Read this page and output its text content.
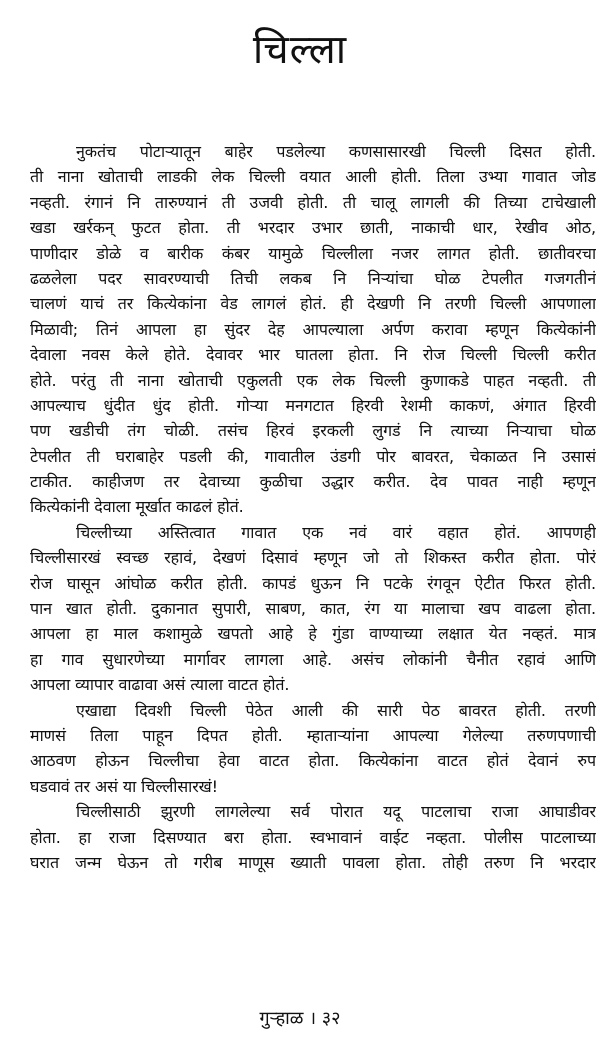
चिल्ला
नुकतंच पोटाऱ्यातून बाहेर पडलेल्या कणसासारखी चिल्ली दिसत होती.
ती नाना खोताची लाडकी लेक चिल्ली वयात आली होती. तिला उभ्या गावात जोड
नव्हती. रंगानं नि तारुण्यानं ती उजवी होती. ती चालू लागली की तिच्या टाचेखाली
खडा खर्रकन् फुटत होता. ती भरदार उभार छाती, नाकाची धार, रेखीव ओठ,
पाणीदार डोळे व बारीक कंबर यामुळे चिल्लीला नजर लागत होती. छातीवरचा
ढळलेला पदर सावरण्याची तिची लकब नि निऱ्यांचा घोळ टेपलीत गजगतीनं
चालणं याचं तर कित्येकांना वेड लागलं होतं. ही देखणी नि तरणी चिल्ली आपणाला
मिळावी; तिनं आपला हा सुंदर देह आपल्याला अर्पण करावा म्हणून कित्येकांनी
देवाला नवस केले होते. देवावर भार घातला होता. नि रोज चिल्ली चिल्ली करीत
होते. परंतु ती नाना खोताची एकुलती एक लेक चिल्ली कुणाकडे पाहत नव्हती. ती
आपल्याच धुंदीत धुंद होती. गोऱ्या मनगटात हिरवी रेशमी काकणं, अंगात हिरवी
पण खडीची तंग चोळी. तसंच हिरवं इरकली लुगडं नि त्याच्या निऱ्याचा घोळ
टेपलीत ती घराबाहेर पडली की, गावातील उंडगी पोर बावरत, चेकाळत नि उसासं
टाकीत. काहीजण तर देवाच्या कुळीचा उद्धार करीत. देव पावत नाही म्हणून
कित्येकांनी देवाला मूर्खात काढलं होतं.
चिल्लीच्या अस्तित्वात गावात एक नवं वारं वहात होतं. आपणही
चिल्लीसारखं स्वच्छ रहावं, देखणं दिसावं म्हणून जो तो शिकस्त करीत होता. पोरं
रोज घासून आंघोळ करीत होती. कापडं धुऊन नि पटके रंगवून ऐटीत फिरत होती.
पान खात होती. दुकानात सुपारी, साबण, कात, रंग या मालाचा खप वाढला होता.
आपला हा माल कशामुळे खपतो आहे हे गुंडा वाण्याच्या लक्षात येत नव्हतं. मात्र
हा गाव सुधारणेच्या मार्गावर लागला आहे. असंच लोकांनी चैनीत रहावं आणि
आपला व्यापार वाढावा असं त्याला वाटत होतं.
एखाद्या दिवशी चिल्ली पेठेत आली की सारी पेठ बावरत होती. तरणी
माणसं तिला पाहून दिपत होती. म्हाताऱ्यांना आपल्या गेलेल्या तरुणपणाची
आठवण होऊन चिल्लीचा हेवा वाटत होता. कित्येकांना वाटत होतं देवानं रुप
घडवावं तर असं या चिल्लीसारखं!
चिल्लीसाठी झुरणी लागलेल्या सर्व पोरात यदू पाटलाचा राजा आघाडीवर
होता. हा राजा दिसण्यात बरा होता. स्वभावानं वाईट नव्हता. पोलीस पाटलाच्या
घरात जन्म घेऊन तो गरीब माणूस ख्याती पावला होता. तोही तरुण नि भरदार
गुऱ्हाळ । ३२
